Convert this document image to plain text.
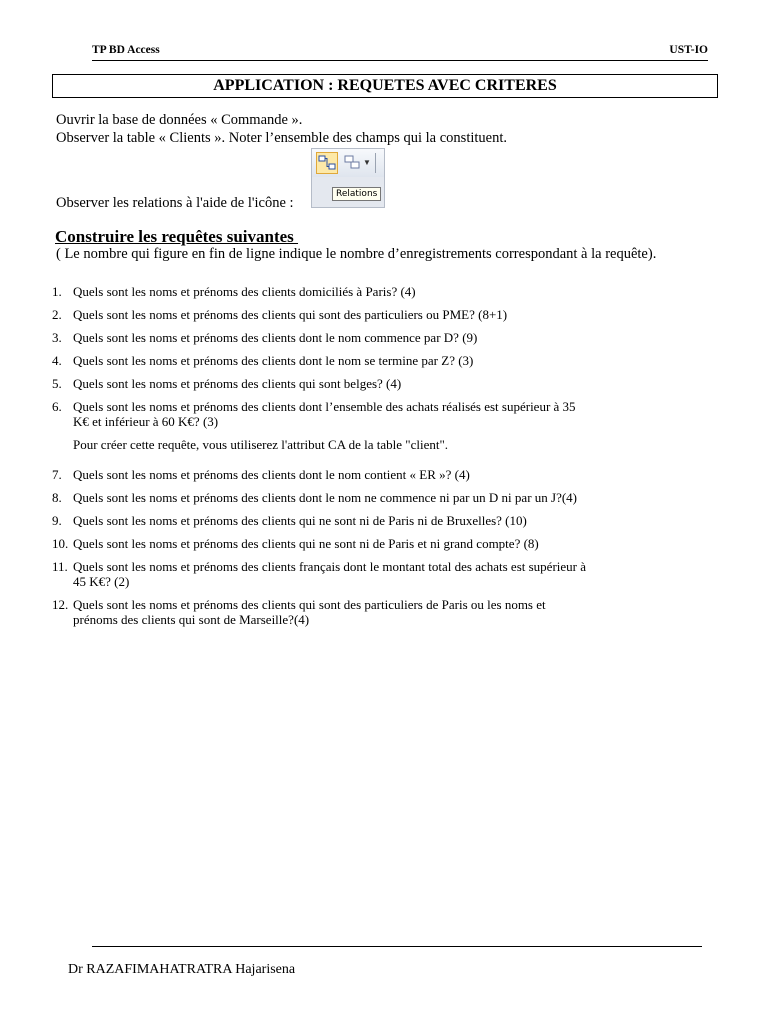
TP BD Access	UST-IO
APPLICATION : REQUETES AVEC CRITERES
Ouvrir la base de données « Commande ».
Observer la table « Clients ». Noter l’ensemble des champs qui la constituent.
Observer les relations à l'aide de l'icône :
▼
Relations
Construire les requêtes suivantes
( Le nombre qui figure en fin de ligne indique le nombre d’enregistrements correspondant à la requête).
1. Quels sont les noms et prénoms des clients domiciliés à Paris? (4)
2. Quels sont les noms et prénoms des clients qui sont des particuliers ou PME? (8+1)
3. Quels sont les noms et prénoms des clients dont le nom commence par D? (9)
4. Quels sont les noms et prénoms des clients dont le nom se termine par Z? (3)
5. Quels sont les noms et prénoms des clients qui sont belges? (4)
6. Quels sont les noms et prénoms des clients dont l’ensemble des achats réalisés est supérieur à 35
K€ et inférieur à 60 K€? (3)
7. Quels sont les noms et prénoms des clients dont le nom contient « ER »? (4)
8. Quels sont les noms et prénoms des clients dont le nom ne commence ni par un D ni par un J?(4)
9. Quels sont les noms et prénoms des clients qui ne sont ni de Paris ni de Bruxelles? (10)
10. Quels sont les noms et prénoms des clients qui ne sont ni de Paris et ni grand compte? (8)
11. Quels sont les noms et prénoms des clients français dont le montant total des achats est supérieur à
45 K€? (2)
12. Quels sont les noms et prénoms des clients qui sont des particuliers de Paris ou les noms et
prénoms des clients qui sont de Marseille?(4)
Pour créer cette requête, vous utiliserez l'attribut CA de la table "client".
Dr RAZAFIMAHATRATRA Hajarisena
